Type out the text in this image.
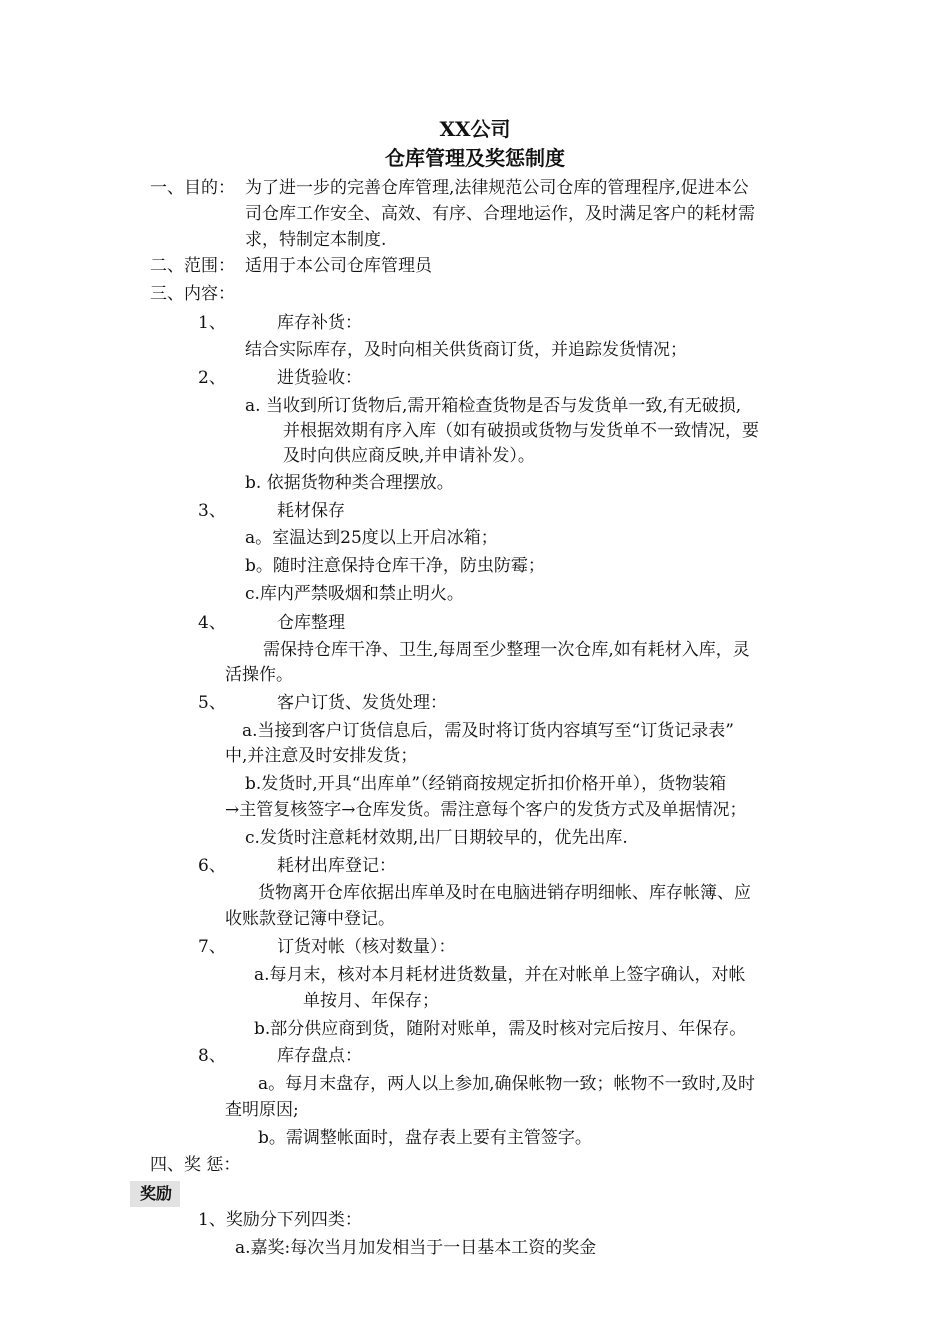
XX公司
仓库管理及奖惩制度
一、目的： 为了进一步的完善仓库管理,法律规范公司仓库的管理程序,促进本公
司仓库工作安全、高效、有序、合理地运作，及时满足客户的耗材需
求，特制定本制度.
二、范围： 适用于本公司仓库管理员
三、内容：
1、	库存补货：
结合实际库存，及时向相关供货商订货，并追踪发货情况；
2、	进货验收：
a. 当收到所订货物后,需开箱检查货物是否与发货单一致,有无破损,
并根据效期有序入库（如有破损或货物与发货单不一致情况，要
及时向供应商反映,并申请补发）。
b. 依据货物种类合理摆放。
3、	耗材保存
a。室温达到25度以上开启冰箱；
b。随时注意保持仓库干净，防虫防霉；
c.库内严禁吸烟和禁止明火。
4、	仓库整理
需保持仓库干净、卫生,每周至少整理一次仓库,如有耗材入库，灵
活操作。
5、	客户订货、发货处理：
a.当接到客户订货信息后，需及时将订货内容填写至“订货记录表”
中,并注意及时安排发货；
b.发货时,开具“出库单”（经销商按规定折扣价格开单），货物装箱
→主管复核签字→仓库发货。需注意每个客户的发货方式及单据情况；
c.发货时注意耗材效期,出厂日期较早的，优先出库.
6、	耗材出库登记：
货物离开仓库依据出库单及时在电脑进销存明细帐、库存帐簿、应
收账款登记簿中登记。
7、	订货对帐（核对数量）：
a.每月末，核对本月耗材进货数量，并在对帐单上签字确认，对帐
单按月、年保存；
b.部分供应商到货，随附对账单，需及时核对完后按月、年保存。
8、	库存盘点：
a。每月末盘存，两人以上参加,确保帐物一致；帐物不一致时,及时
查明原因;
b。需调整帐面时，盘存表上要有主管签字。
四、奖 惩：
奖励
1、奖励分下列四类：
a.嘉奖:每次当月加发相当于一日基本工资的奖金
